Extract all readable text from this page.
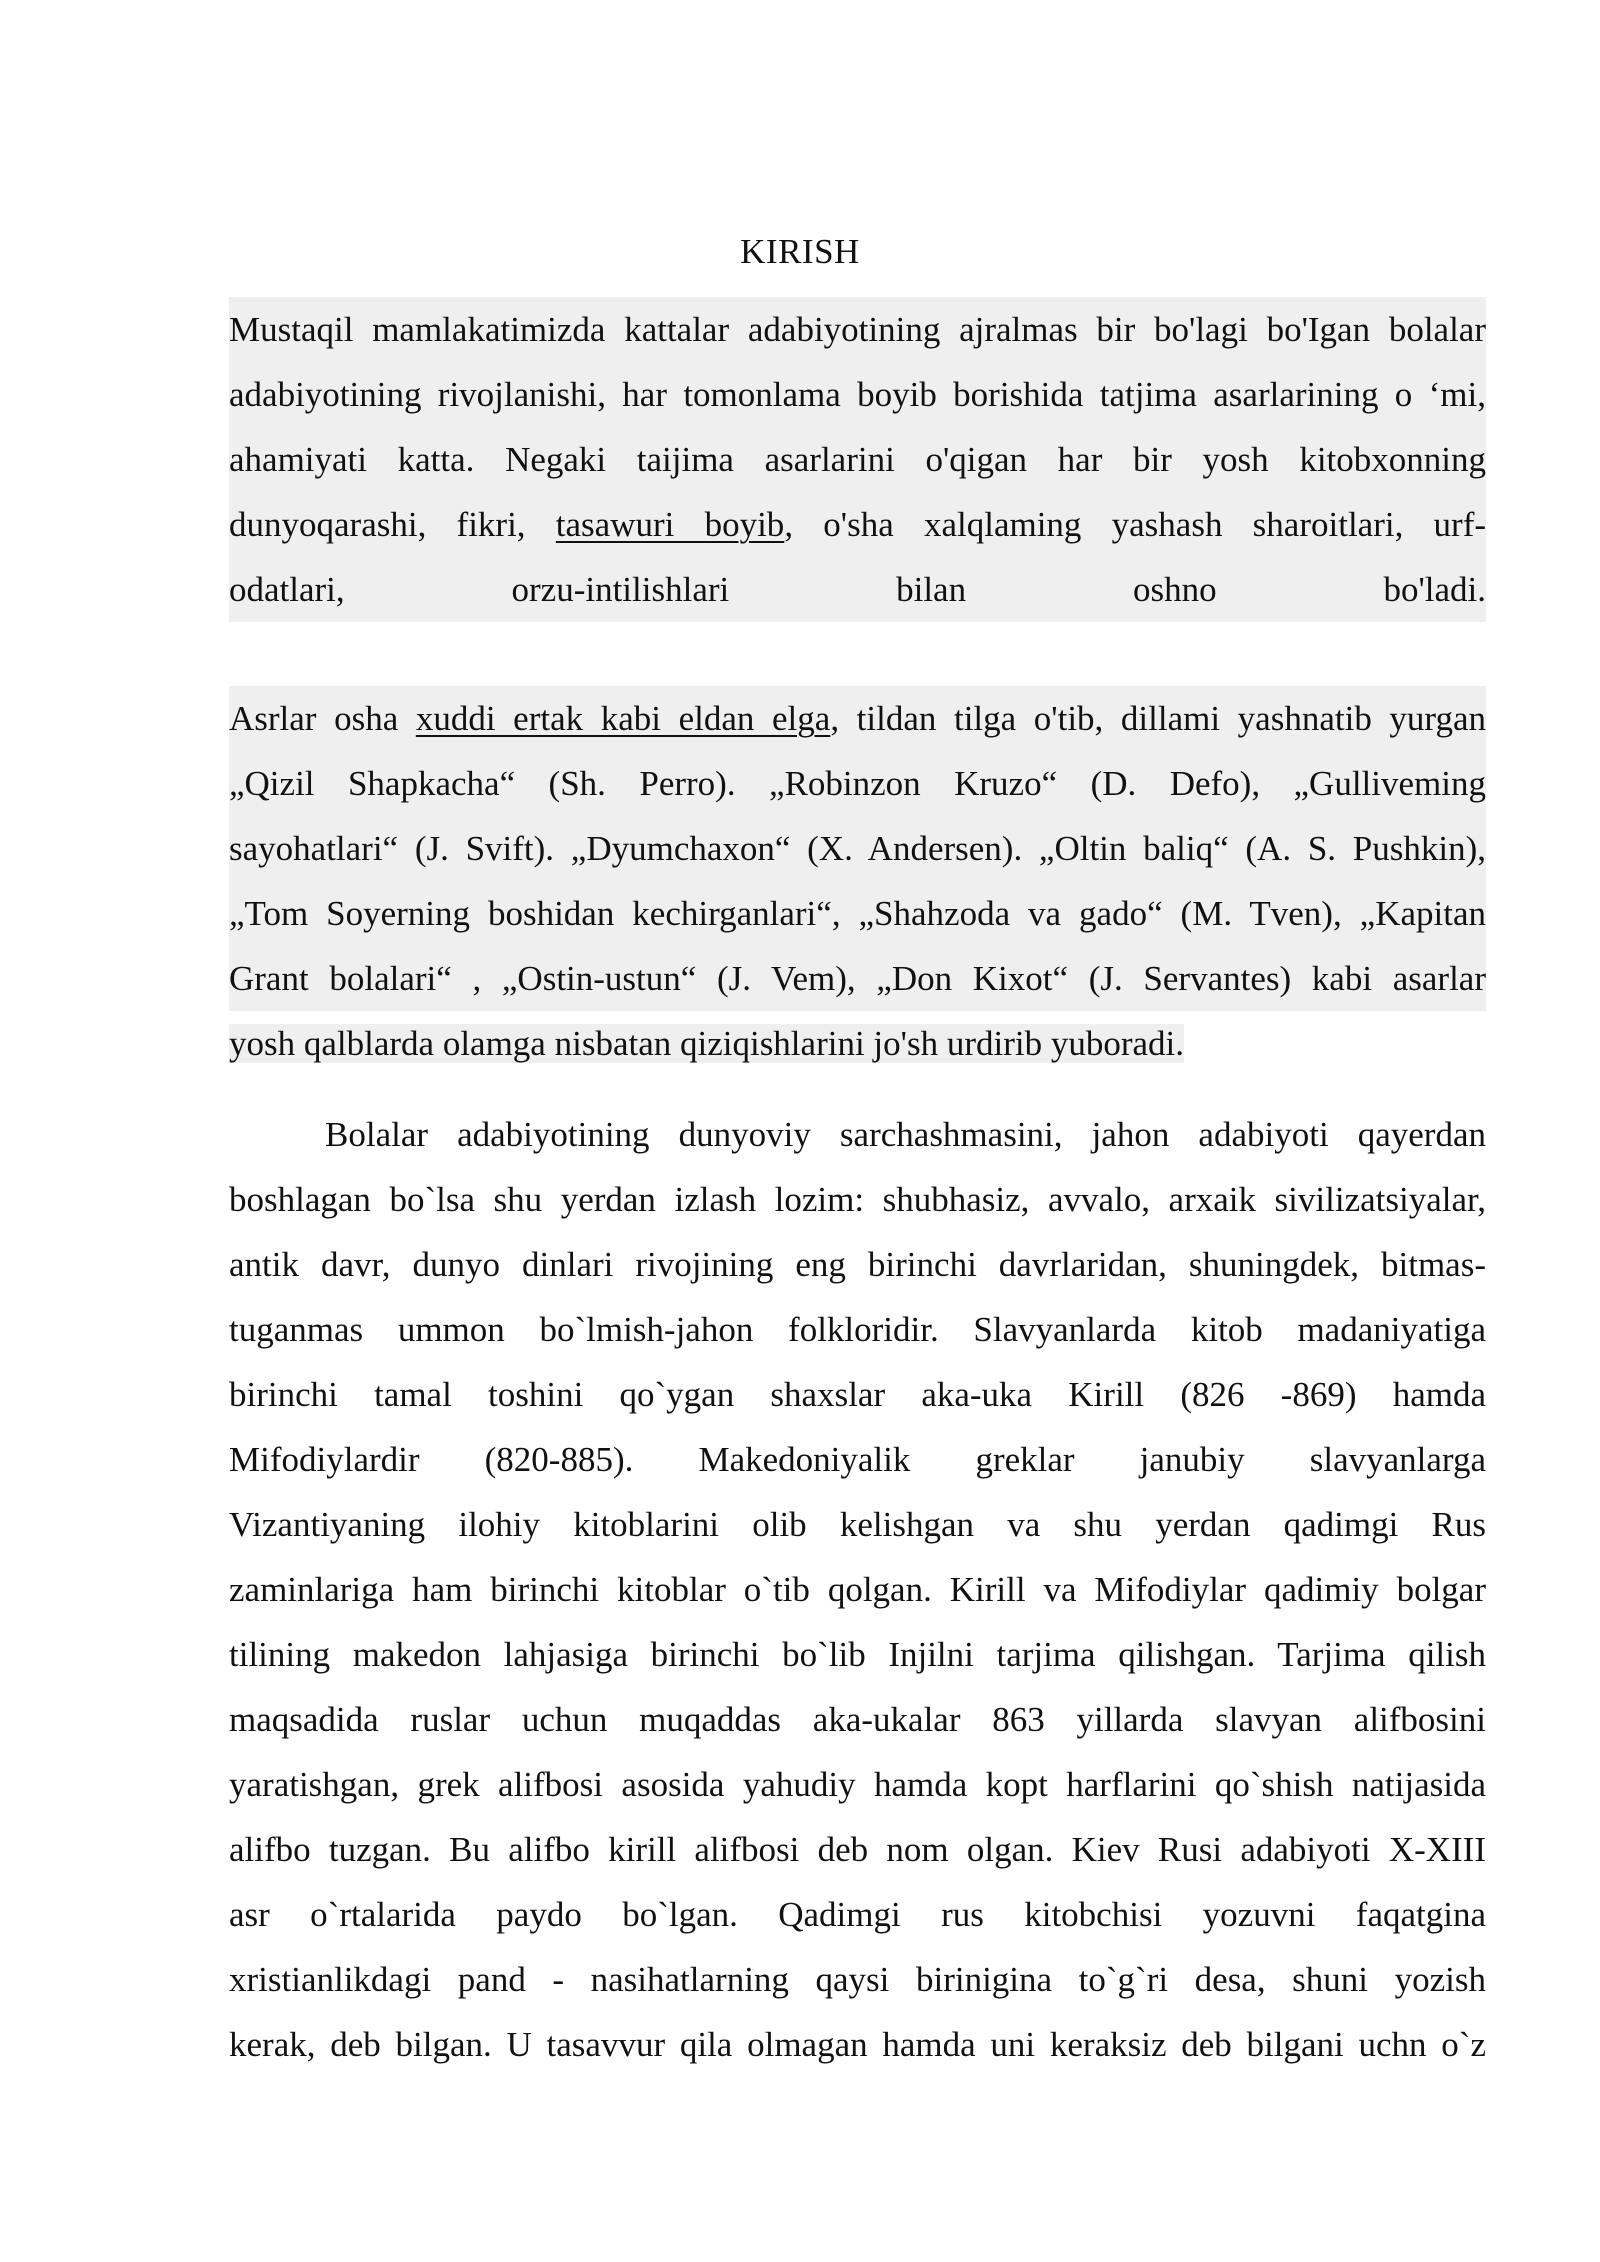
KIRISH
Mustaqil mamlakatimizda kattalar adabiyotining ajralmas bir bo'lagi bo'Igan bolalar
adabiyotining rivojlanishi, har tomonlama boyib borishida tatjima asarlarining o ‘mi,
ahamiyati katta. Negaki taijima asarlarini o'qigan har bir yosh kitobxonning
dunyoqarashi, fikri, tasawuri boyib, o'sha xalqlaming yashash sharoitlari, urf-
odatlari, orzu-intilishlari bilan oshno bo'ladi.
Asrlar osha xuddi ertak kabi eldan elga, tildan tilga o'tib, dillami yashnatib yurgan
„Qizil Shapkacha“ (Sh. Perro). „Robinzon Kruzo“ (D. Defo), „Gulliveming
sayohatlari“ (J. Svift). „Dyumchaxon“ (X. Andersen). „Oltin baliq“ (A. S. Pushkin),
„Tom Soyerning boshidan kechirganlari“, „Shahzoda va gado“ (M. Tven), „Kapitan
Grant bolalari“ , „Ostin-ustun“ (J. Vem), „Don Kixot“ (J. Servantes) kabi asarlar
yosh qalblarda olamga nisbatan qiziqishlarini jo'sh urdirib yuboradi.
Bolalar adabiyotining dunyoviy sarchashmasini, jahon adabiyoti qayerdan
boshlagan bo`lsa shu yerdan izlash lozim: shubhasiz, avvalo, arxaik sivilizatsiyalar,
antik davr, dunyo dinlari rivojining eng birinchi davrlaridan, shuningdek, bitmas-
tuganmas ummon bo`lmish-jahon folkloridir. Slavyanlarda kitob madaniyatiga
birinchi tamal toshini qo`ygan shaxslar aka-uka Kirill (826 -869) hamda
Mifodiylardir (820-885). Makedoniyalik greklar janubiy slavyanlarga
Vizantiyaning ilohiy kitoblarini olib kelishgan va shu yerdan qadimgi Rus
zaminlariga ham birinchi kitoblar o`tib qolgan. Kirill va Mifodiylar qadimiy bolgar
tilining makedon lahjasiga birinchi bo`lib Injilni tarjima qilishgan. Tarjima qilish
maqsadida ruslar uchun muqaddas aka-ukalar 863 yillarda slavyan alifbosini
yaratishgan, grek alifbosi asosida yahudiy hamda kopt harflarini qo`shish natijasida
alifbo tuzgan. Bu alifbo kirill alifbosi deb nom olgan. Kiev Rusi adabiyoti X-XIII
asr o`rtalarida paydo bo`lgan. Qadimgi rus kitobchisi yozuvni faqatgina
xristianlikdagi pand - nasihatlarning qaysi birinigina to`g`ri desa, shuni yozish
kerak, deb bilgan. U tasavvur qila olmagan hamda uni keraksiz deb bilgani uchn o`z
